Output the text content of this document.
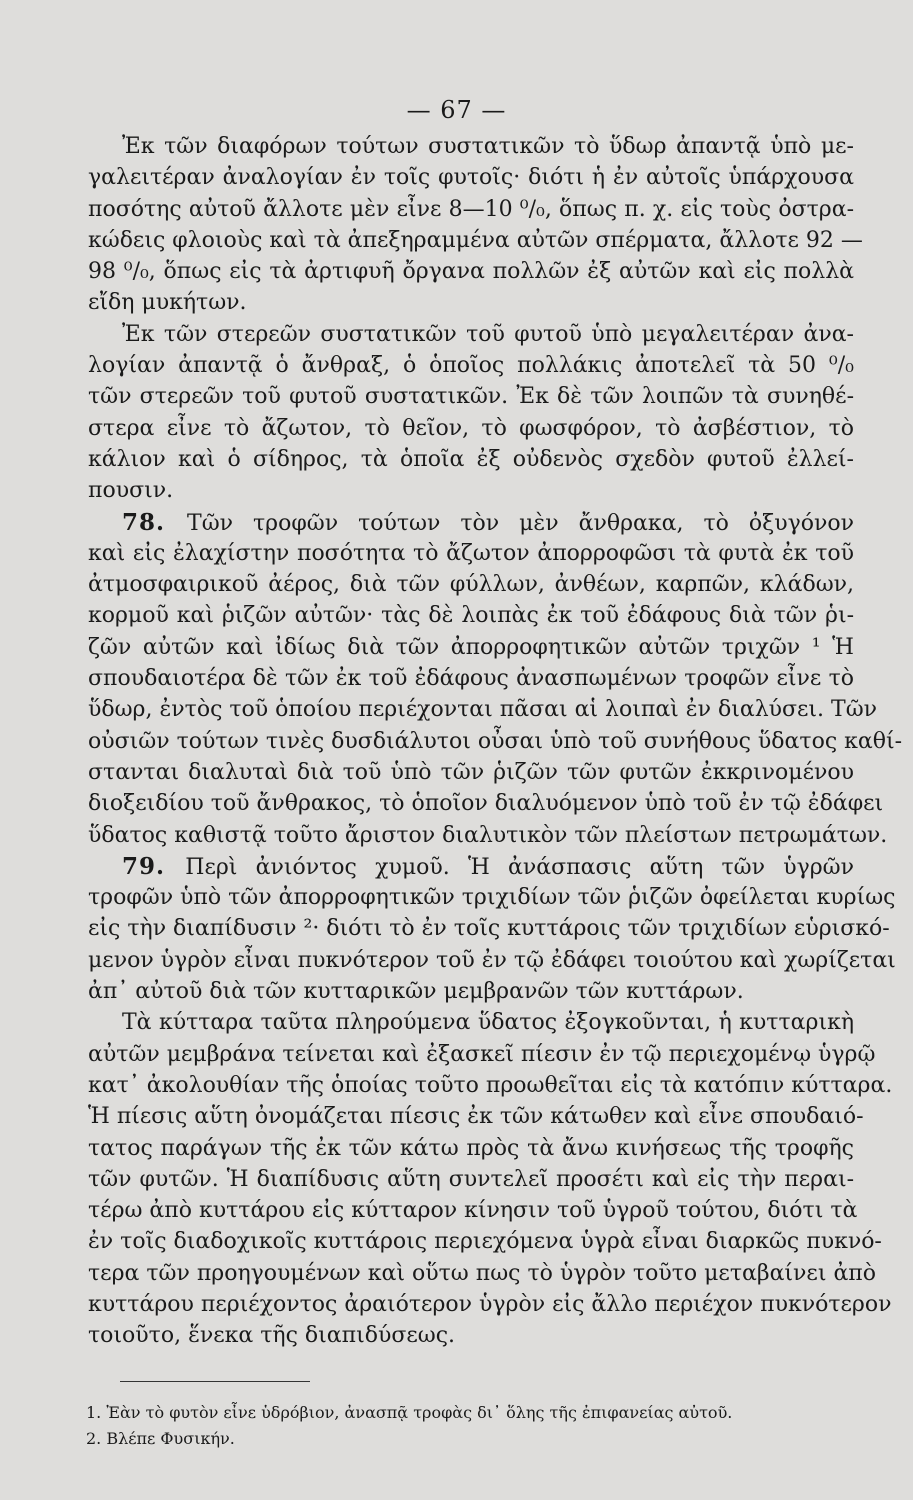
— 67 —
Ἐκ τῶν διαφόρων τούτων συστατικῶν τὸ ὕδωρ ἀπαντᾷ ὑπὸ με-
γαλειτέραν ἀναλογίαν ἐν τοῖς φυτοῖς· διότι ἡ ἐν αὐτοῖς ὑπάρχουσα
ποσότης αὐτοῦ ἄλλοτε μὲν εἶνε 8—10 ⁰/₀, ὅπως π. χ. εἰς τοὺς ὀστρα-
κώδεις φλοιοὺς καὶ τὰ ἀπεξηραμμένα αὐτῶν σπέρματα, ἄλλοτε 92 —
98 ⁰/₀, ὅπως εἰς τὰ ἀρτιφυῆ ὄργανα πολλῶν ἐξ αὐτῶν καὶ εἰς πολλὰ
εἴδη μυκήτων.
Ἐκ τῶν στερεῶν συστατικῶν τοῦ φυτοῦ ὑπὸ μεγαλειτέραν ἀνα-
λογίαν ἀπαντᾷ ὁ ἄνθραξ, ὁ ὁποῖος πολλάκις ἀποτελεῖ τὰ 50 ⁰/₀
τῶν στερεῶν τοῦ φυτοῦ συστατικῶν. Ἐκ δὲ τῶν λοιπῶν τὰ συνηθέ-
στερα εἶνε τὸ ἄζωτον, τὸ θεῖον, τὸ φωσφόρον, τὸ ἀσβέστιον, τὸ
κάλιον καὶ ὁ σίδηρος, τὰ ὁποῖα ἐξ οὐδενὸς σχεδὸν φυτοῦ ἐλλεί-
πουσιν.
78. Τῶν τροφῶν τούτων τὸν μὲν ἄνθρακα, τὸ ὀξυγόνον
καὶ εἰς ἐλαχίστην ποσότητα τὸ ἄζωτον ἀπορροφῶσι τὰ φυτὰ ἐκ τοῦ
ἀτμοσφαιρικοῦ ἀέρος, διὰ τῶν φύλλων, ἀνθέων, καρπῶν, κλάδων,
κορμοῦ καὶ ῥιζῶν αὐτῶν· τὰς δὲ λοιπὰς ἐκ τοῦ ἐδάφους διὰ τῶν ῥι-
ζῶν αὐτῶν καὶ ἰδίως διὰ τῶν ἀπορροφητικῶν αὐτῶν τριχῶν ¹ Ἡ
σπουδαιοτέρα δὲ τῶν ἐκ τοῦ ἐδάφους ἀνασπωμένων τροφῶν εἶνε τὸ
ὕδωρ, ἐντὸς τοῦ ὁποίου περιέχονται πᾶσαι αἱ λοιπαὶ ἐν διαλύσει. Τῶν
οὐσιῶν τούτων τινὲς δυσδιάλυτοι οὖσαι ὑπὸ τοῦ συνήθους ὕδατος καθί-
στανται διαλυταὶ διὰ τοῦ ὑπὸ τῶν ῥιζῶν τῶν φυτῶν ἐκκρινομένου
διοξειδίου τοῦ ἄνθρακος, τὸ ὁποῖον διαλυόμενον ὑπὸ τοῦ ἐν τῷ ἐδάφει
ὕδατος καθιστᾷ τοῦτο ἄριστον διαλυτικὸν τῶν πλείστων πετρωμάτων.
79. Περὶ ἀνιόντος χυμοῦ. Ἡ ἀνάσπασις αὕτη τῶν ὑγρῶν
τροφῶν ὑπὸ τῶν ἀπορροφητικῶν τριχιδίων τῶν ῥιζῶν ὀφείλεται κυρίως
εἰς τὴν διαπίδυσιν ²· διότι τὸ ἐν τοῖς κυττάροις τῶν τριχιδίων εὑρισκό-
μενον ὑγρὸν εἶναι πυκνότερον τοῦ ἐν τῷ ἐδάφει τοιούτου καὶ χωρίζεται
ἀπ᾽ αὐτοῦ διὰ τῶν κυτταρικῶν μεμβρανῶν τῶν κυττάρων.
Τὰ κύτταρα ταῦτα πληρούμενα ὕδατος ἐξογκοῦνται, ἡ κυτταρικὴ
αὐτῶν μεμβράνα τείνεται καὶ ἐξασκεῖ πίεσιν ἐν τῷ περιεχομένῳ ὑγρῷ
κατ᾽ ἀκολουθίαν τῆς ὁποίας τοῦτο προωθεῖται εἰς τὰ κατόπιν κύτταρα.
Ἡ πίεσις αὕτη ὀνομάζεται πίεσις ἐκ τῶν κάτωθεν καὶ εἶνε σπουδαιό-
τατος παράγων τῆς ἐκ τῶν κάτω πρὸς τὰ ἄνω κινήσεως τῆς τροφῆς
τῶν φυτῶν. Ἡ διαπίδυσις αὕτη συντελεῖ προσέτι καὶ εἰς τὴν περαι-
τέρω ἀπὸ κυττάρου εἰς κύτταρον κίνησιν τοῦ ὑγροῦ τούτου, διότι τὰ
ἐν τοῖς διαδοχικοῖς κυττάροις περιεχόμενα ὑγρὰ εἶναι διαρκῶς πυκνό-
τερα τῶν προηγουμένων καὶ οὕτω πως τὸ ὑγρὸν τοῦτο μεταβαίνει ἀπὸ
κυττάρου περιέχοντος ἀραιότερον ὑγρὸν εἰς ἄλλο περιέχον πυκνότερον
τοιοῦτο, ἕνεκα τῆς διαπιδύσεως.
1. Ἐὰν τὸ φυτὸν εἶνε ὑδρόβιον, ἀνασπᾷ τροφὰς δι᾽ ὅλης τῆς ἐπιφανείας αὐτοῦ.
2. Βλέπε Φυσικήν.
